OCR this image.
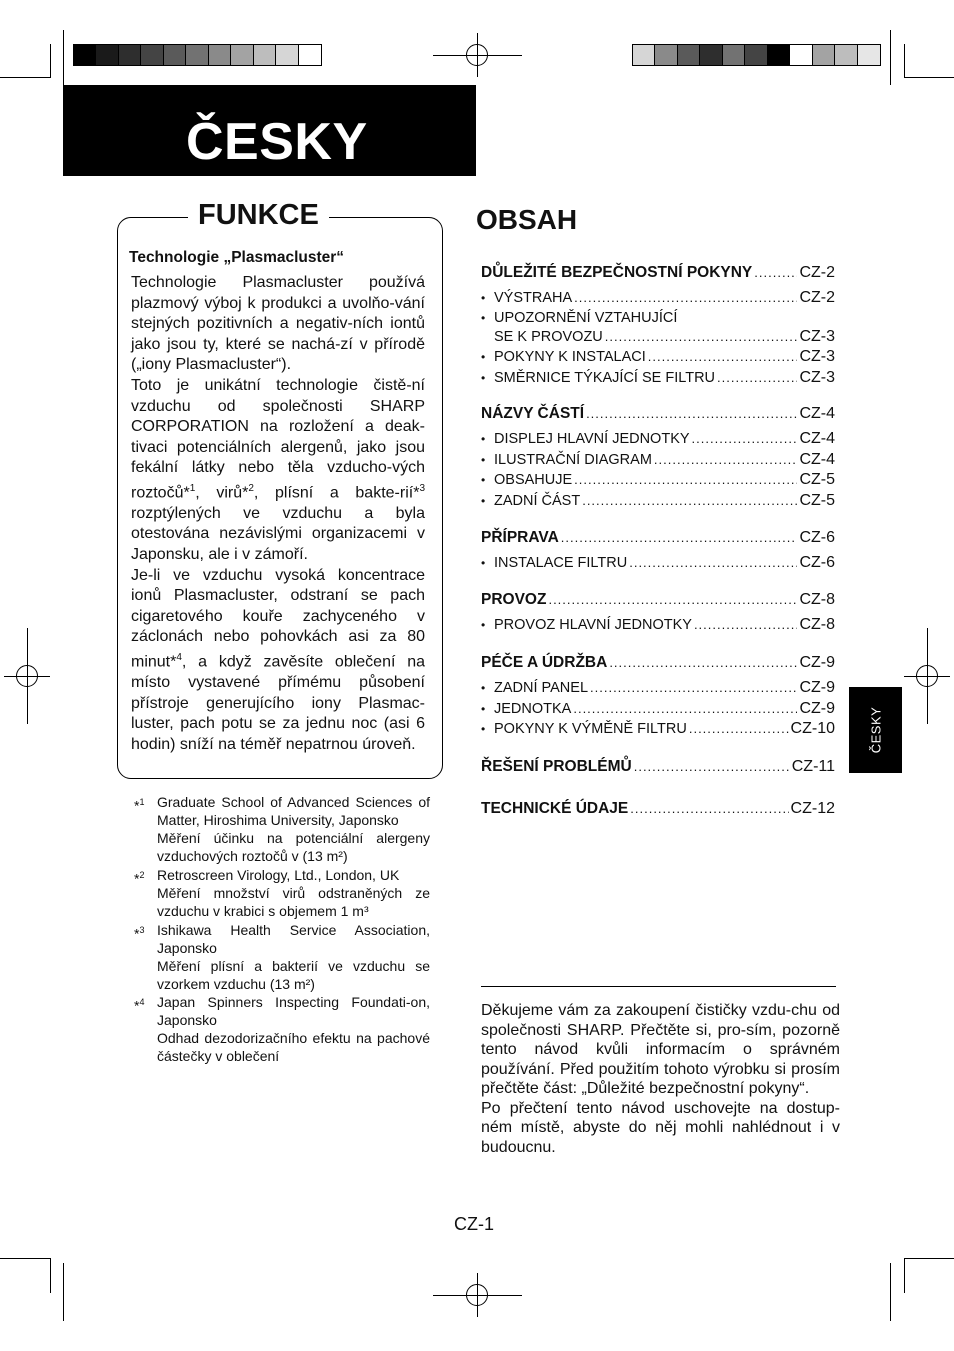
ČESKY
FUNKCE
Technologie „Plasmacluster“

Technologie Plasmacluster používá plazmový výboj k produkci a uvolňo-vání stejných pozitivních a negativ-ních iontů jako jsou ty, které se nachá-zí v přírodě („iony Plasmacluster“).

Toto je unikátní technologie čistě-ní vzduchu od společnosti SHARP CORPORATION na rozložení a deak-tivaci potenciálních alergenů, jako jsou fekální látky nebo těla vzducho-vých roztočů*$^1$, virů*$^2$, plísní a bakte-rií*$^3$ rozptýlených ve vzduchu a byla otestována nezávislými organizacemi v Japonsku, ale i v zámoří.

Je-li ve vzduchu vysoká koncentrace ionů Plasmacluster, odstraní se pach cigaretového kouře zachyceného v záclonách nebo pohovkách asi za 80 minut*$^4$, a když zavěsíte oblečení na místo vystavené přímému působení přístroje generujícího iony Plasmac-luster, pach potu se za jednu noc (asi 6 hodin) sníží na téměř nepatrnou úroveň.

*$^1$ Graduate School of Advanced Sciences of Matter, Hiroshima University, Japonsko
Měření účinku na potenciální alergeny vzduchových roztočů v (13 m²)
*$^2$ Retroscreen Virology, Ltd., London, UK
Měření množství virů odstraněných ze vzduchu v krabici s objemem 1 m³
*$^3$ Ishikawa Health Service Association, Japonsko
Měření plísní a bakterií ve vzduchu se vzorkem vzduchu (13 m²)
*$^4$ Japan Spinners Inspecting Foundati-on, Japonsko
Odhad dezodorizačního efektu na pachové částečky v oblečení
OBSAH
DŮLEŽITÉ BEZPEČNOSTNÍ POKYNY .....	CZ-2
• VÝSTRAHA .....	CZ-2
• UPOZORNĚNÍ VZTAHUJÍCÍ
SE K PROVOZU .....	CZ-3
• POKYNY K INSTALACI .....	CZ-3
• SMĚRNICE TÝKAJÍCÍ SE FILTRU .....	CZ-3
NÁZVY ČÁSTÍ .....	CZ-4
• DISPLEJ HLAVNÍ JEDNOTKY .....	CZ-4
• ILUSTRAČNÍ DIAGRAM .....	CZ-4
• OBSAHUJE .....	CZ-5
• ZADNÍ ČÁST .....	CZ-5
PŘÍPRAVA .....	CZ-6
• INSTALACE FILTRU .....	CZ-6
PROVOZ .....	CZ-8
• PROVOZ HLAVNÍ JEDNOTKY .....	CZ-8
PÉČE A ÚDRŽBA .....	CZ-9
• ZADNÍ PANEL .....	CZ-9
• JEDNOTKA .....	CZ-9
• POKYNY K VÝMĚNĚ FILTRU .....	CZ-10
ŘEŠENÍ PROBLÉMŮ .....	CZ-11
TECHNICKÉ ÚDAJE .....	CZ-12

Děkujeme vám za zakoupení čističky vzdu-chu od společnosti SHARP. Přečtěte si, pro-sím, pozorně tento návod kvůli informacím o správném používání. Před použitím tohoto výrobku si prosím přečtěte část: „Důležité bezpečnostní pokyny“.

Po přečtení tento návod uschovejte na dostup-ném místě, abyste do něj mohli nahlédnout i v budoucnu.

CZ-1
ČESKY
